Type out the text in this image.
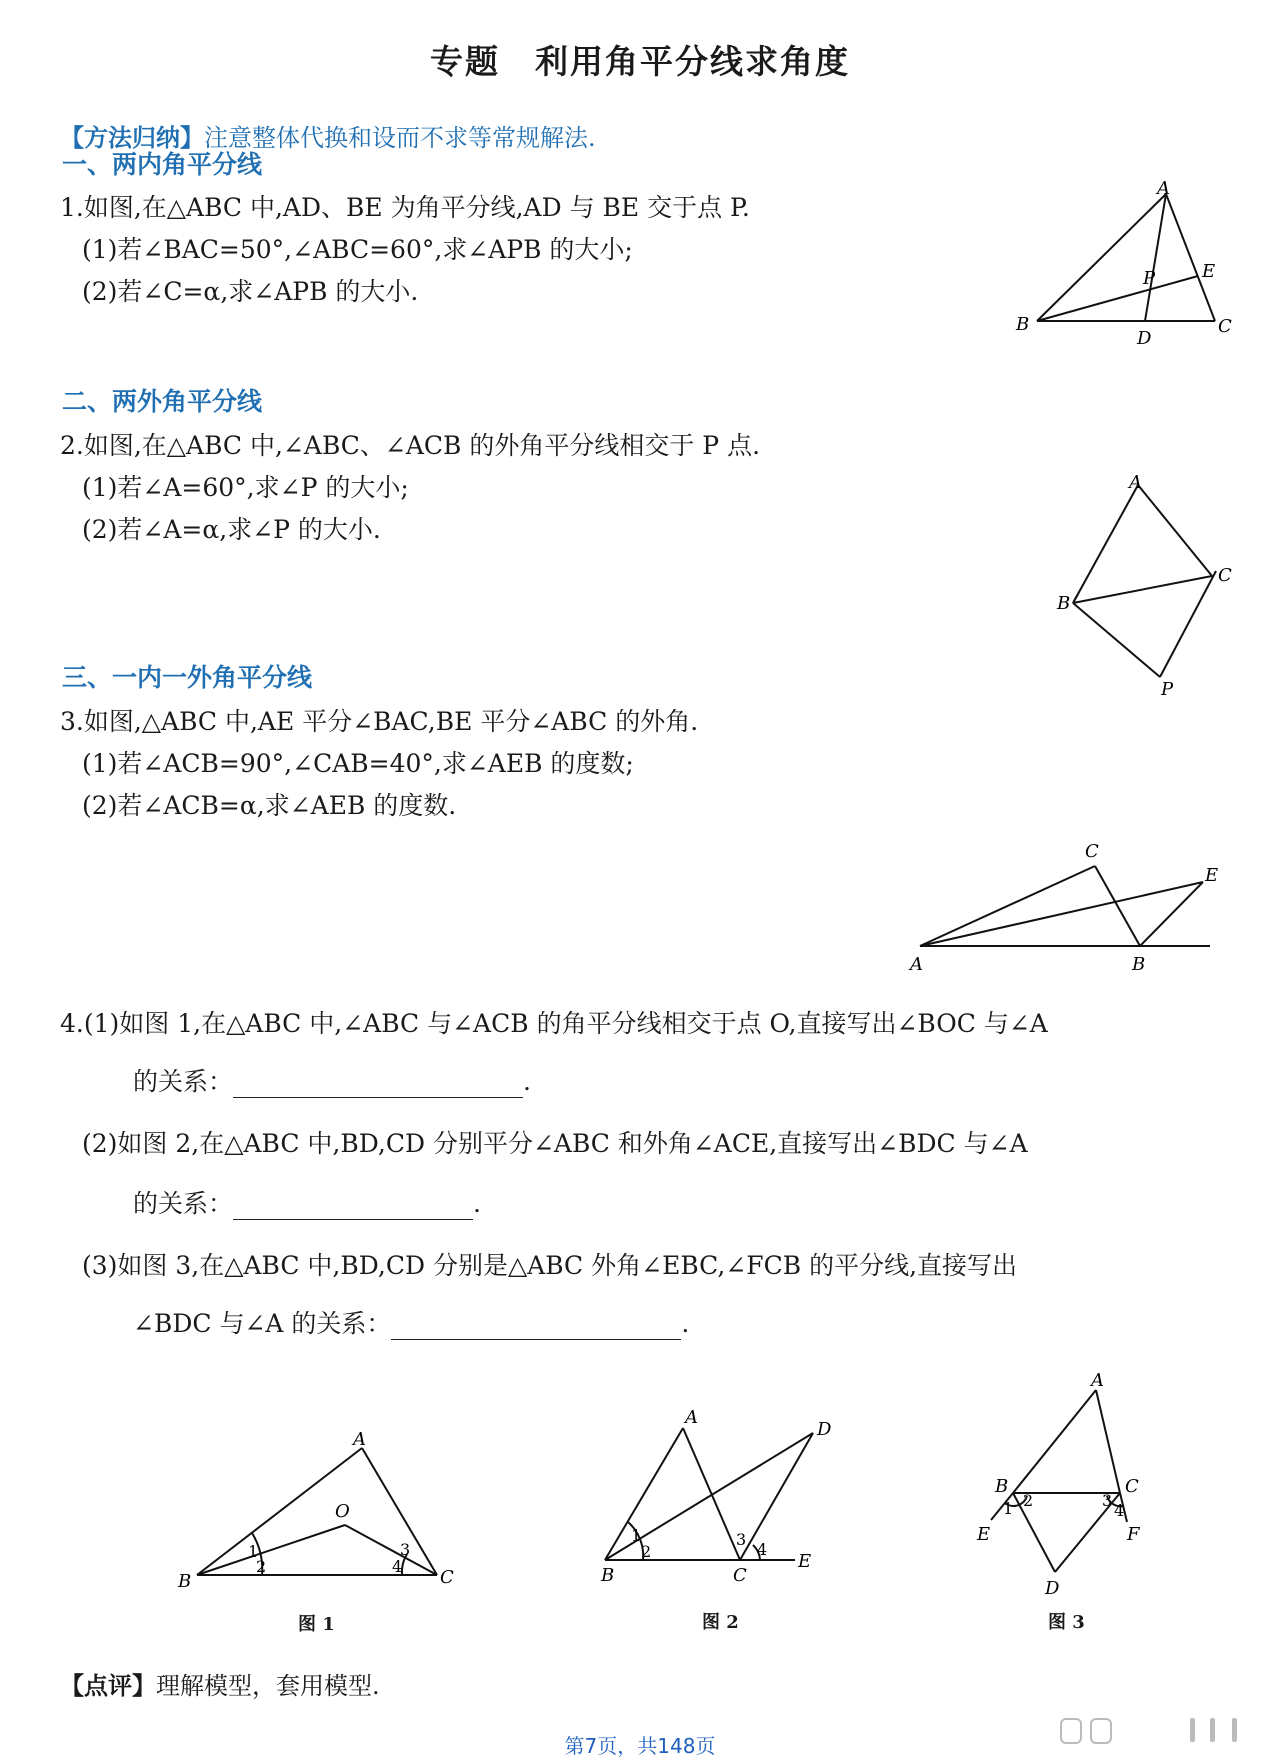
专题　利用角平分线求角度
【方法归纳】注意整体代换和设而不求等常规解法.
一、两内角平分线
1.如图,在△ABC 中,AD、BE 为角平分线,AD 与 BE 交于点 P.
(1)若∠BAC=50°,∠ABC=60°,求∠APB 的大小;
(2)若∠C=α,求∠APB 的大小.
A
B	C
D
E
P
二、两外角平分线
2.如图,在△ABC 中,∠ABC、∠ACB 的外角平分线相交于 P 点.
(1)若∠A=60°,求∠P 的大小;
(2)若∠A=α,求∠P 的大小.
A
B
C
P
三、一内一外角平分线
3.如图,△ABC 中,AE 平分∠BAC,BE 平分∠ABC 的外角.
(1)若∠ACB=90°,∠CAB=40°,求∠AEB 的度数;
(2)若∠ACB=α,求∠AEB 的度数.
A	B
C
E
4.(1)如图 1,在△ABC 中,∠ABC 与∠ACB 的角平分线相交于点 O,直接写出∠BOC 与∠A
的关系：	.
(2)如图 2,在△ABC 中,BD,CD 分别平分∠ABC 和外角∠ACE,直接写出∠BDC 与∠A
的关系：	.
(3)如图 3,在△ABC 中,BD,CD 分别是△ABC 外角∠EBC,∠FCB 的平分线,直接写出
∠BDC 与∠A 的关系：	.
A
B	C
O
1
2
3
4
图 1
A
B	C
D
E
1
2
3
4
图 2
A
B	C
D
E	F
1 2	3
4
图 3
【点评】理解模型，套用模型.
第7页，共148页
